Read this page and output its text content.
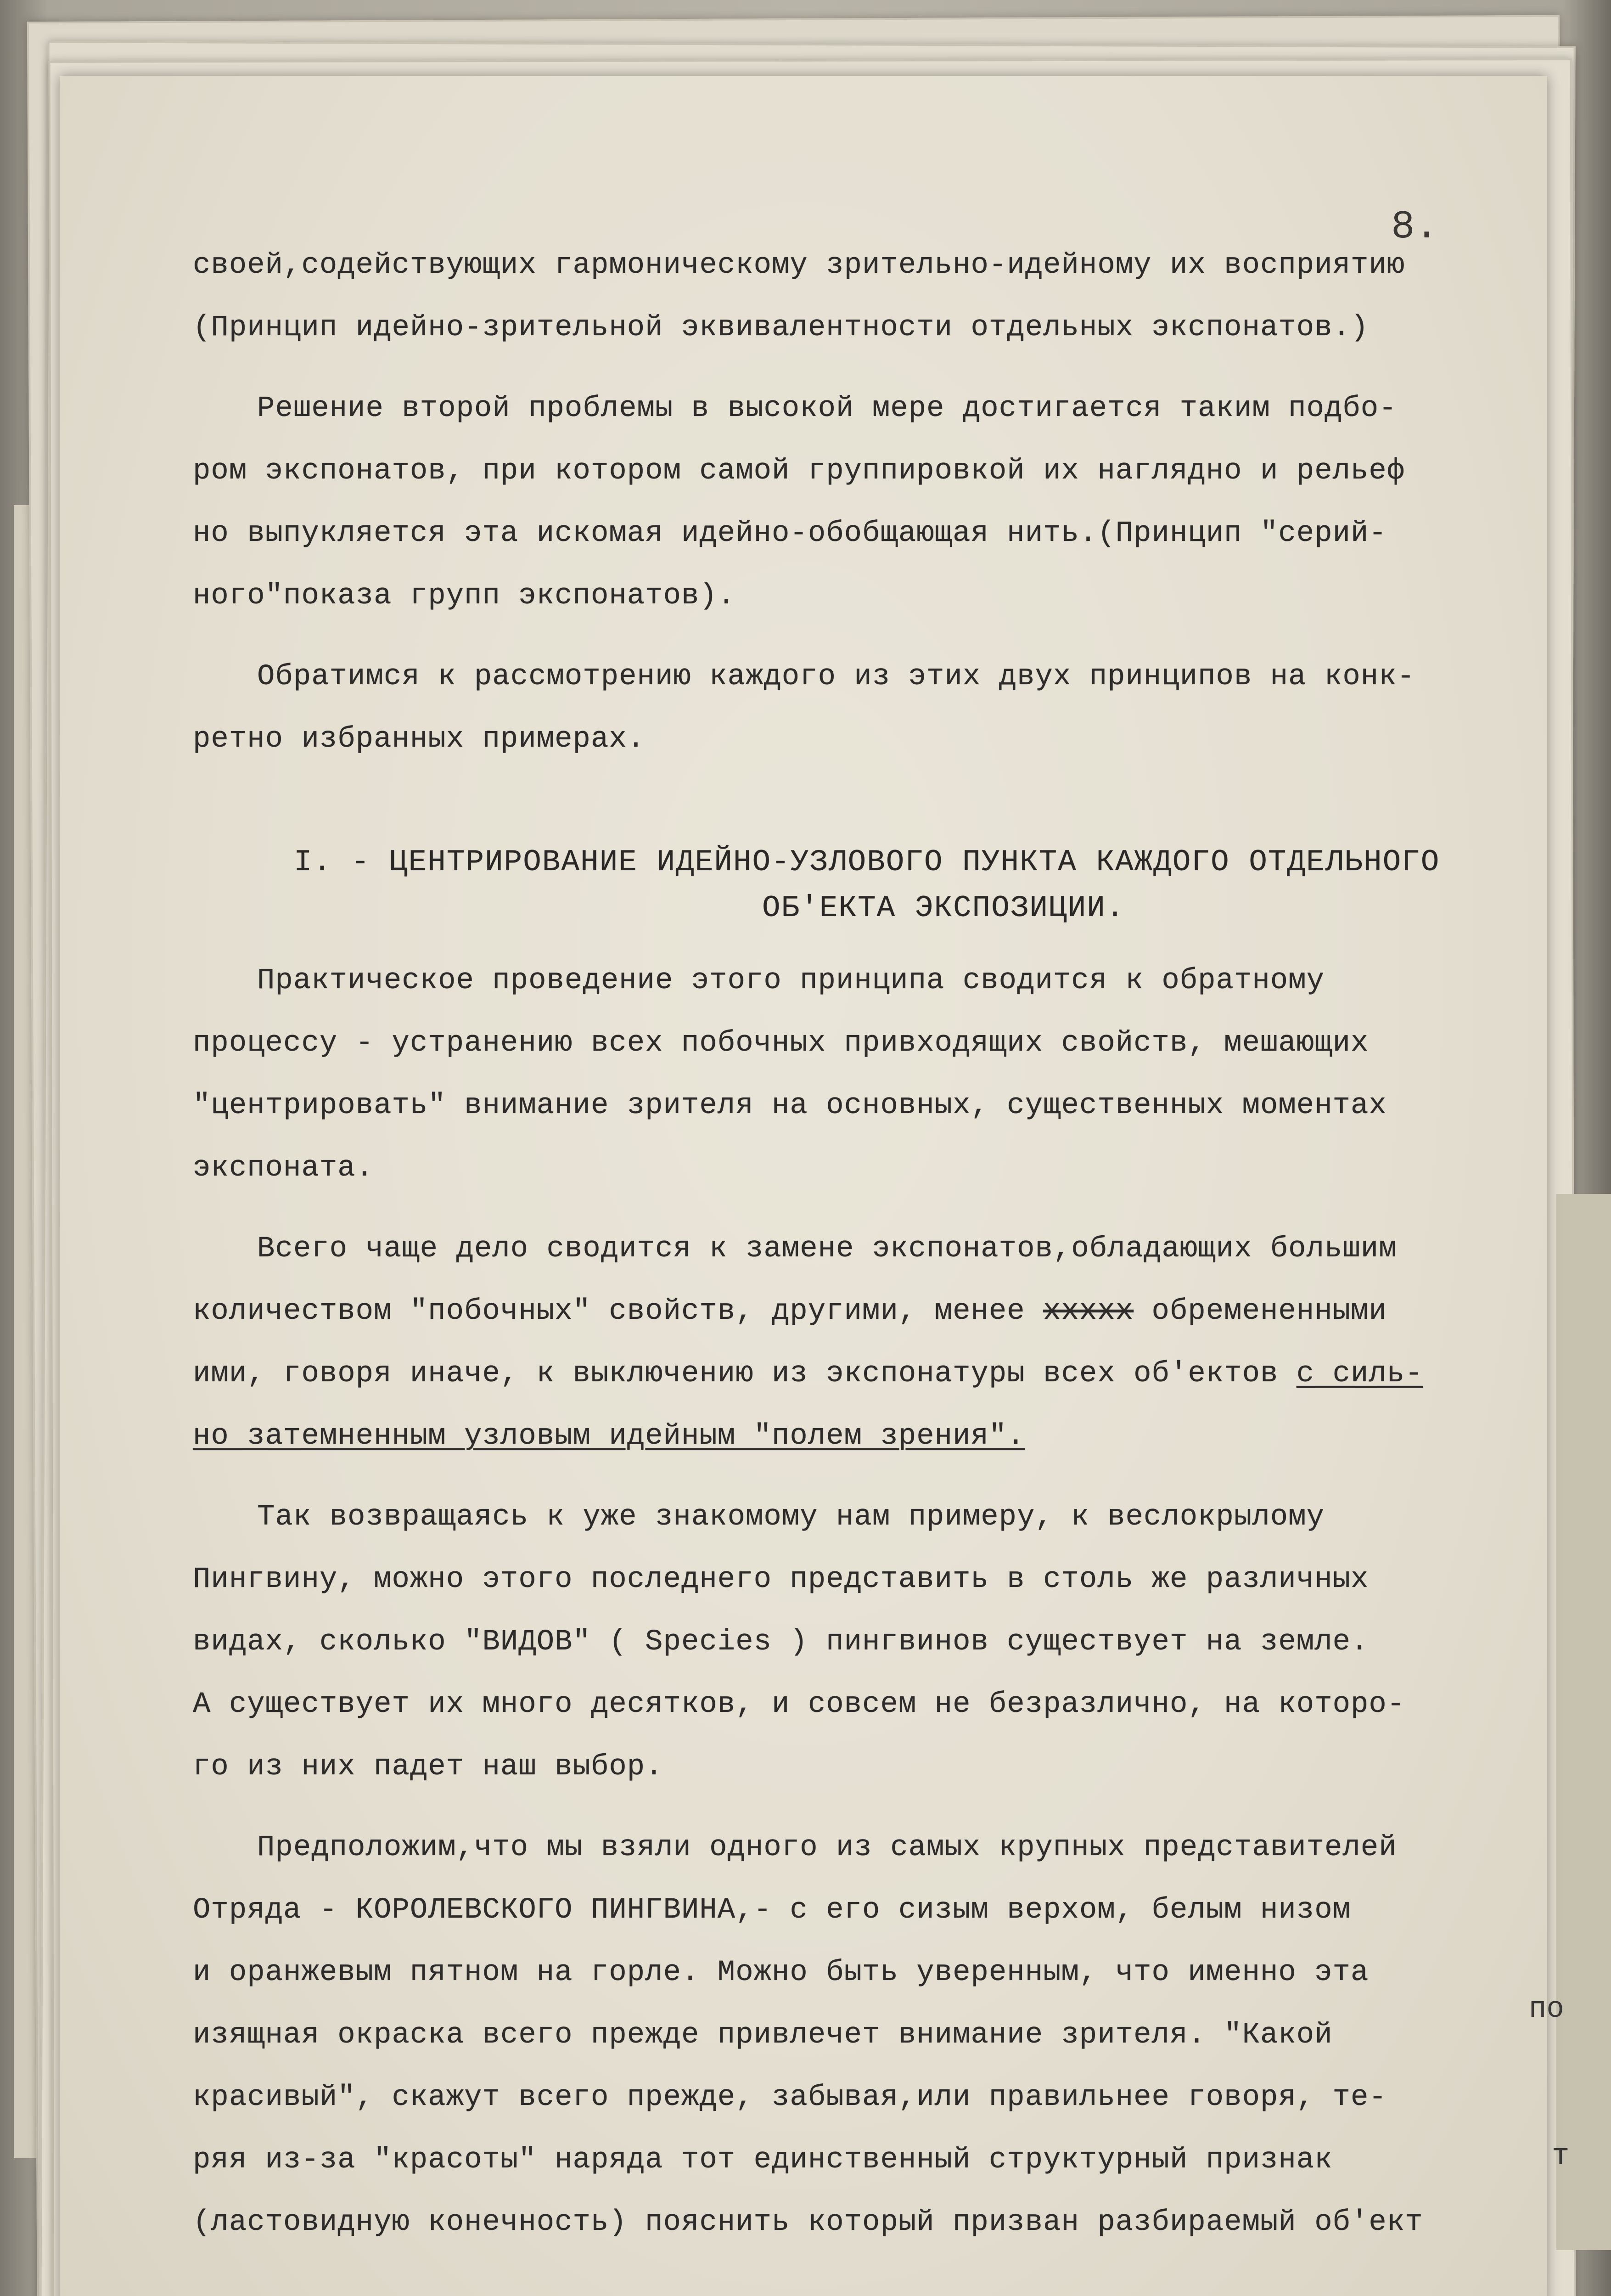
8.
своей,содействующих гармоническому зрительно-идейному их восприятию
(Принцип идейно-зрительной эквивалентности отдельных экспонатов.)
Решение второй проблемы в высокой мере достигается таким подбо-
ром экспонатов, при котором самой группировкой их наглядно и рельеф
но выпукляется эта искомая идейно-обобщающая нить.(Принцип "серий-
ного"показа групп экспонатов).
Обратимся к рассмотрению каждого из этих двух принципов на конк-
ретно избранных примерах.
I. - ЦЕНТРИРОВАНИЕ ИДЕЙНО-УЗЛОВОГО ПУНКТА КАЖДОГО ОТДЕЛЬНОГО
ОБ'ЕКТА ЭКСПОЗИЦИИ.
Практическое проведение этого принципа сводится к обратному
процессу - устранению всех побочных привходящих свойств, мешающих
"центрировать" внимание зрителя на основных, существенных моментах
экспоната.
Всего чаще дело сводится к замене экспонатов,обладающих большим
количеством "побочных" свойств, другими, менее xxxxx обремененными
ими, говоря иначе, к выключению из экспонатуры всех об'ектов с силь-
но затемненным узловым идейным "полем зрения".
Так возвращаясь к уже знакомому нам примеру, к веслокрылому
Пингвину, можно этого последнего представить в столь же различных
видах, сколько "ВИДОВ" ( Species ) пингвинов существует на земле.
А существует их много десятков, и совсем не безразлично, на которо-
го из них падет наш выбор.
Предположим,что мы взяли одного из самых крупных представителей
Отряда - КОРОЛЕВСКОГО ПИНГВИНА,- с его сизым верхом, белым низом
и оранжевым пятном на горле. Можно быть уверенным, что именно эта
изящная окраска всего прежде привлечет внимание зрителя. "Какой
красивый", скажут всего прежде, забывая,или правильнее говоря, те-
ряя из-за "красоты" наряда тот единственный структурный признак
(ластовидную конечность) пояснить который призван разбираемый об'ект
по
т
